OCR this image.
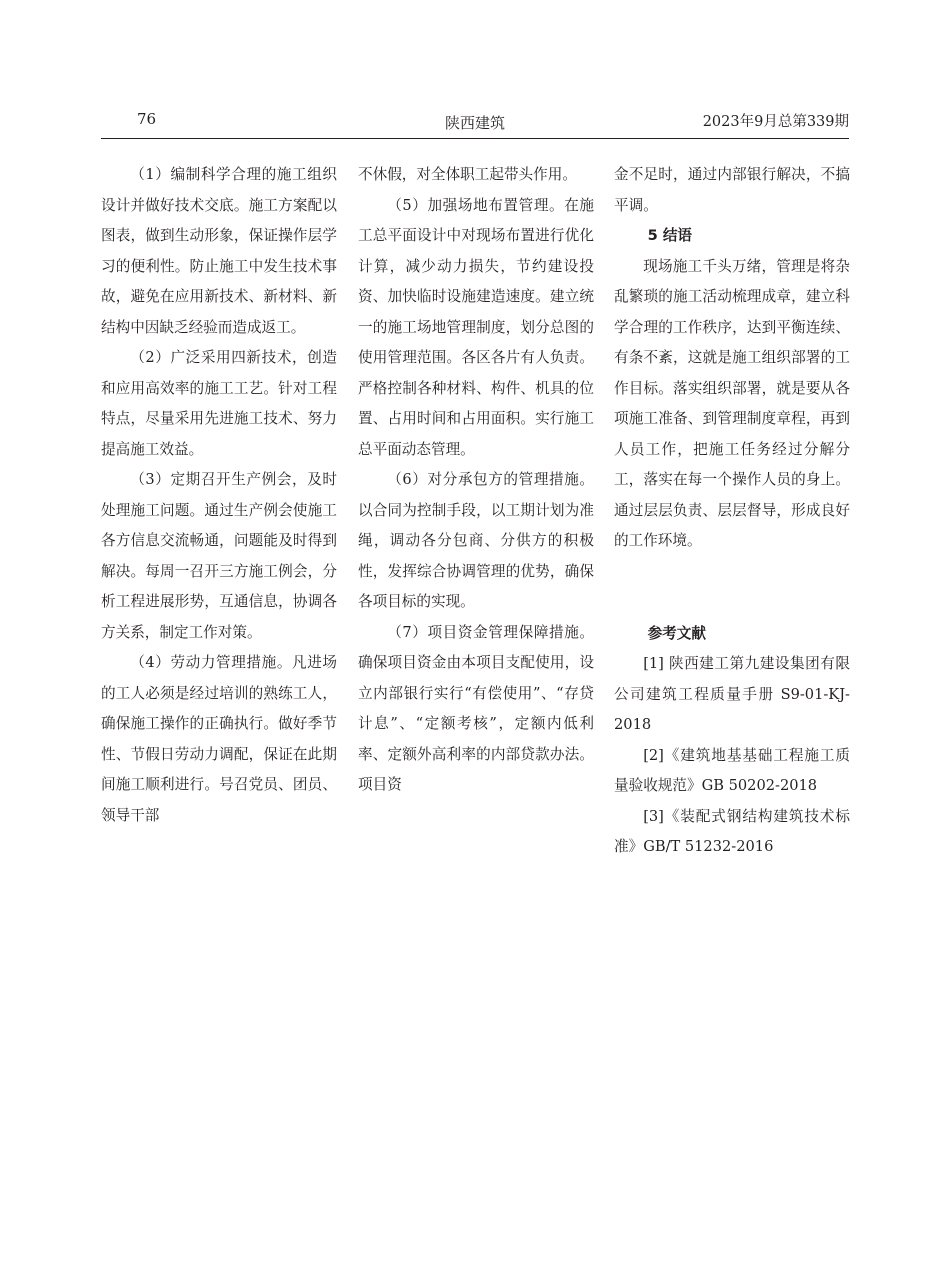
76	陕西建筑	2023年9月总第339期

（1）编制科学合理的施工组织设计并做好技术交底。施工方案配以图表，做到生动形象，保证操作层学习的便利性。防止施工中发生技术事故，避免在应用新技术、新材料、新结构中因缺乏经验而造成返工。

（2）广泛采用四新技术，创造和应用高效率的施工工艺。针对工程特点，尽量采用先进施工技术、努力提高施工效益。

（3）定期召开生产例会，及时处理施工问题。通过生产例会使施工各方信息交流畅通，问题能及时得到解决。每周一召开三方施工例会，分析工程进展形势，互通信息，协调各方关系，制定工作对策。

（4）劳动力管理措施。凡进场的工人必须是经过培训的熟练工人，确保施工操作的正确执行。做好季节性、节假日劳动力调配，保证在此期间施工顺利进行。号召党员、团员、领导干部

不休假，对全体职工起带头作用。

（5）加强场地布置管理。在施工总平面设计中对现场布置进行优化计算，减少动力损失，节约建设投资、加快临时设施建造速度。建立统一的施工场地管理制度，划分总图的使用管理范围。各区各片有人负责。严格控制各种材料、构件、机具的位置、占用时间和占用面积。实行施工总平面动态管理。

（6）对分承包方的管理措施。以合同为控制手段，以工期计划为准绳，调动各分包商、分供方的积极性，发挥综合协调管理的优势，确保各项目标的实现。

（7）项目资金管理保障措施。确保项目资金由本项目支配使用，设立内部银行实行“有偿使用”、“存贷计息”、“定额考核”，定额内低利率、定额外高利率的内部贷款办法。项目资

金不足时，通过内部银行解决，不搞平调。

5 结语

现场施工千头万绪，管理是将杂乱繁琐的施工活动梳理成章，建立科学合理的工作秩序，达到平衡连续、有条不紊，这就是施工组织部署的工作目标。落实组织部署，就是要从各项施工准备、到管理制度章程，再到人员工作，把施工任务经过分解分工，落实在每一个操作人员的身上。通过层层负责、层层督导，形成良好的工作环境。

参考文献

[1] 陕西建工第九建设集团有限公司建筑工程质量手册 S9-01-KJ-2018

[2]《建筑地基基础工程施工质量验收规范》GB 50202-2018

[3]《装配式钢结构建筑技术标准》GB/T 51232-2016
